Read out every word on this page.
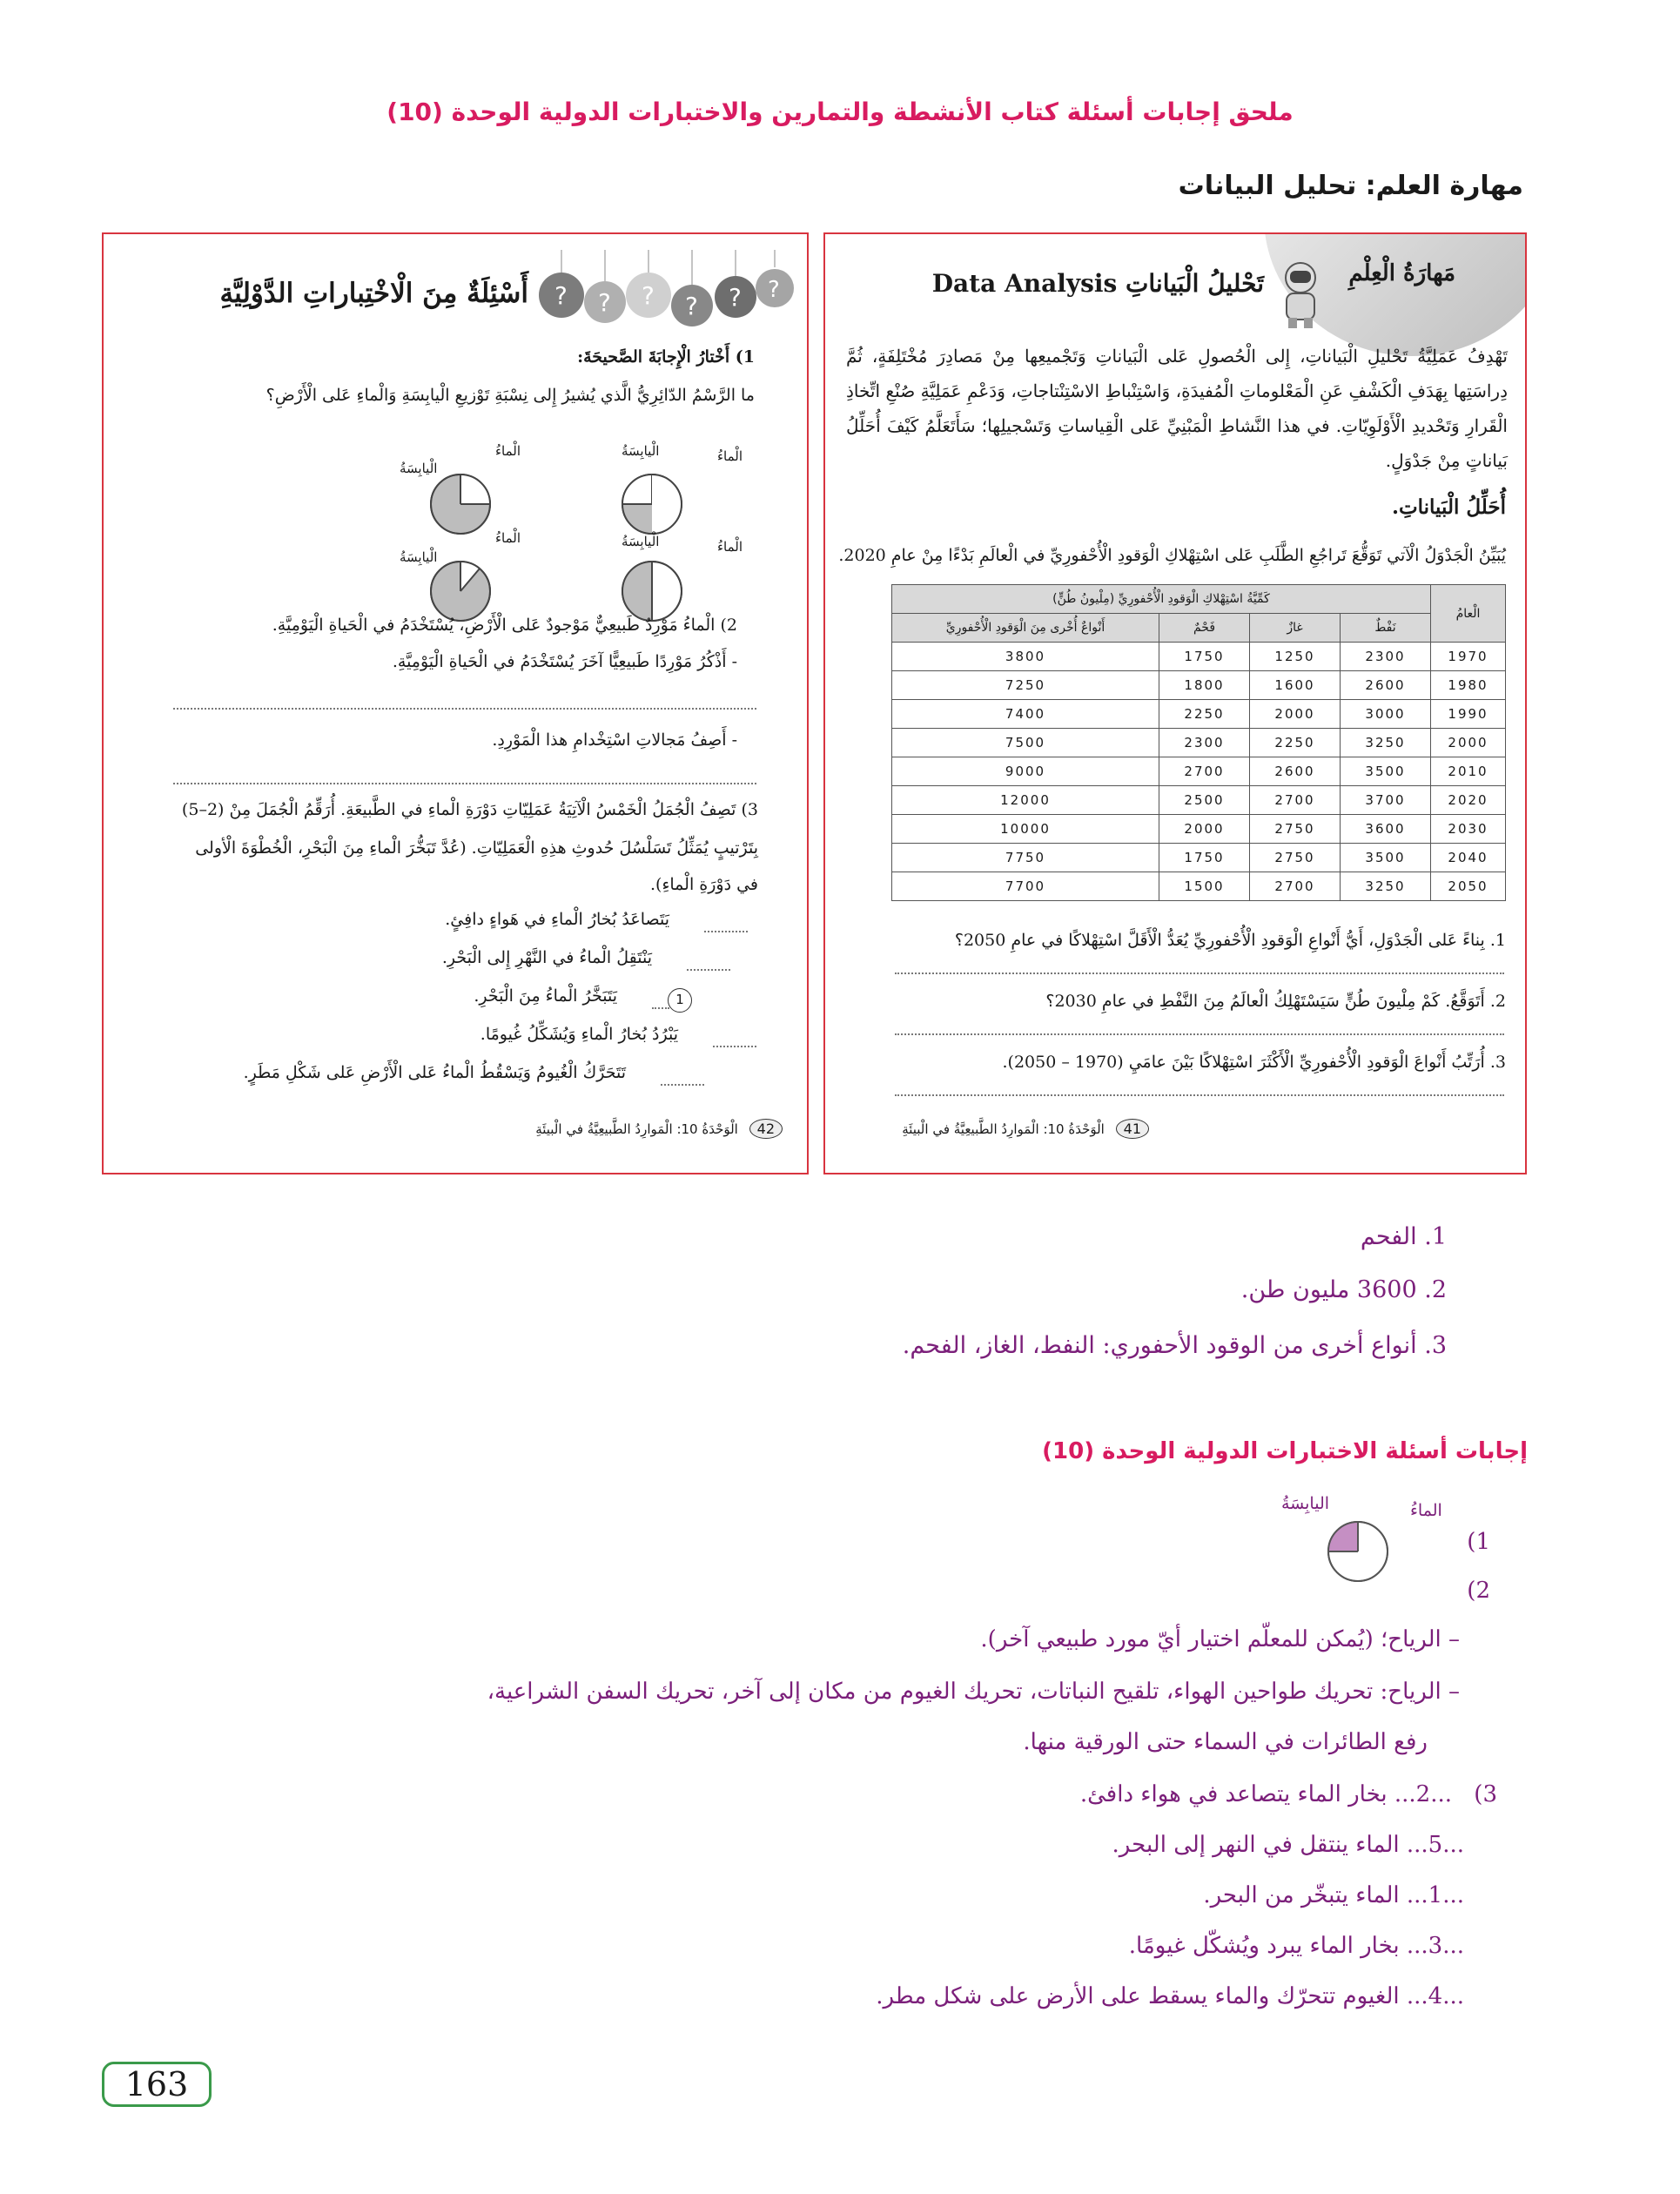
ملحق إجابات أسئلة كتاب الأنشطة والتمارين والاختبارات الدولية الوحدة (10)
مهارة العلم: تحليل البيانات
مَهارَةُ الْعِلْمِ
تَحْليلُ الْبَياناتِ Data Analysis
تَهْدِفُ عَمَلِيَّةُ تَحْليلِ الْبَياناتِ، إِلى الْحُصولِ عَلى الْبَياناتِ وَتَجْميعِها مِنْ مَصادِرَ مُخْتَلِفَةٍ، ثُمَّ دِراسَتِها بِهَدَفِ الْكَشْفِ عَنِ الْمَعْلوماتِ الْمُفيدَةِ، وَاسْتِنْباطِ الاسْتِنْتاجاتِ، وَدَعْمِ عَمَلِيَّةِ صُنْعِ اتِّخاذِ الْقَرارِ وَتَحْديدِ الْأَوْلَوِيّاتِ. في هذا النَّشاطِ الْمَبْنِيِّ عَلى الْقِياساتِ وَتَسْجيلِها؛ سَأَتَعَلَّمُ كَيْفَ أُحَلِّلُ بَياناتٍ مِنْ جَدْوَلٍ.
أُحَلِّلُ الْبَياناتِ.
يُبَيِّنُ الْجَدْوَلُ الْآتي تَوَقُّعَ تَراجُعِ الطَّلَبِ عَلى اسْتِهْلاكِ الْوَقودِ الْأُحْفورِيِّ في الْعالَمِ بَدْءًا مِنْ عامِ 2020.
الْعامُ	كَمِّيَّةُ اسْتِهْلاكِ الْوَقودِ الْأُحْفورِيِّ (مِلْيونُ طُنٍّ)			
	نَفْطٌ	غازٌ	فَحْمٌ	أَنْواعٌ أُخْرى مِنَ الْوَقودِ الْأُحْفورِيِّ
1970	2300	1250	1750	3800
1980	2600	1600	1800	7250
1990	3000	2000	2250	7400
2000	3250	2250	2300	7500
2010	3500	2600	2700	9000
2020	3700	2700	2500	12000
2030	3600	2750	2000	10000
2040	3500	2750	1750	7750
2050	3250	2700	1500	7700
1. بِناءً عَلى الْجَدْوَلِ، أَيُّ أَنْواعِ الْوَقودِ الْأُحْفورِيِّ يُعَدُّ الْأَقَلَّ اسْتِهْلاكًا في عامِ 2050؟
2. أَتَوَقَّعُ. كَمْ مِلْيونَ طُنٍّ سَيَسْتَهْلِكُ الْعالَمُ مِنَ النَّفْطِ في عامِ 2030؟
3. أُرَتِّبُ أَنْواعَ الْوَقودِ الْأُحْفورِيِّ الْأَكْثَرَ اسْتِهْلاكًا بَيْنَ عامَيِ (1970 – 2050).
41 الْوَحْدَةُ 10: الْمَوارِدُ الطَّبيعِيَّةُ في الْبيئَةِ
? ? ? ? ? ?
أَسْئِلَةٌ مِنَ الْاخْتِباراتِ الدَّوْلِيَّةِ
1) أَخْتارُ الْإِجابَةَ الصَّحيحَةَ:
ما الرَّسْمُ الدّائِرِيُّ الَّذي يُشيرُ إِلى نِسْبَةِ تَوْزيعِ الْيابِسَةِ وَالْماءِ عَلى الْأَرْضِ؟
الْماءُ
الْيابِسَةُ
الْماءُ
الْيابِسَةُ
الْماءُ
الْيابِسَةُ
الْماءُ
الْيابِسَةُ
2) الْماءُ مَوْرِدٌ طَبيعِيٌّ مَوْجودٌ عَلى الْأَرْضِ، يُسْتَخْدَمُ في الْحَياةِ الْيَوْمِيَّةِ.
- أَذْكُرُ مَوْرِدًا طَبيعِيًّا آخَرَ يُسْتَخْدَمُ في الْحَياةِ الْيَوْمِيَّةِ.
- أَصِفُ مَجالاتِ اسْتِخْدامِ هذا الْمَوْرِدِ.
3) تَصِفُ الْجُمَلُ الْخَمْسُ الْآتِيَةُ عَمَلِيّاتِ دَوْرَةِ الْماءِ في الطَّبيعَةِ. أُرَقِّمُ الْجُمَلَ مِنْ (2–5)
بِتَرْتيبٍ يُمَثِّلُ تَسَلْسُلَ حُدوثِ هذِهِ الْعَمَلِيّاتِ. (عُدَّ تَبَخُّرَ الْماءِ مِنَ الْبَحْرِ، الْخُطْوَةَ الْأولى
في دَوْرَةِ الْماءِ).
يَتَصاعَدُ بُخارُ الْماءِ في هَواءٍ دافِئٍ.
يَنْتَقِلُ الْماءُ في النَّهْرِ إِلى الْبَحْرِ.
يَتَبَخَّرُ الْماءُ مِنَ الْبَحْرِ.
يَبْرُدُ بُخارُ الْماءِ وَيُشَكِّلُ غُيومًا.
تَتَحَرَّكُ الْغُيومُ وَيَسْقُطُ الْماءُ عَلى الْأَرْضِ عَلى شَكْلِ مَطَرٍ.
1
42 الْوَحْدَةُ 10: الْمَوارِدُ الطَّبيعِيَّةُ في الْبيئَةِ
1. الفحم
2. 3600 مليون طن.
3. أنواع أخرى من الوقود الأحفوري: النفط، الغاز، الفحم.
إجابات أسئلة الاختبارات الدولية الوحدة (10)
الماءُ
اليابِسَةُ
1)
2)
– الرياح؛ (يُمكن للمعلّم اختيار أيّ مورد طبيعي آخر).
– الرياح: تحريك طواحين الهواء، تلقيح النباتات، تحريك الغيوم من مكان إلى آخر، تحريك السفن الشراعية،
رفع الطائرات في السماء حتى الورقية منها.
3)
...2... بخار الماء يتصاعد في هواء دافئ.
...5... الماء ينتقل في النهر إلى البحر.
...1... الماء يتبخّر من البحر.
...3... بخار الماء يبرد ويُشكّل غيومًا.
...4... الغيوم تتحرّك والماء يسقط على الأرض على شكل مطر.
163
